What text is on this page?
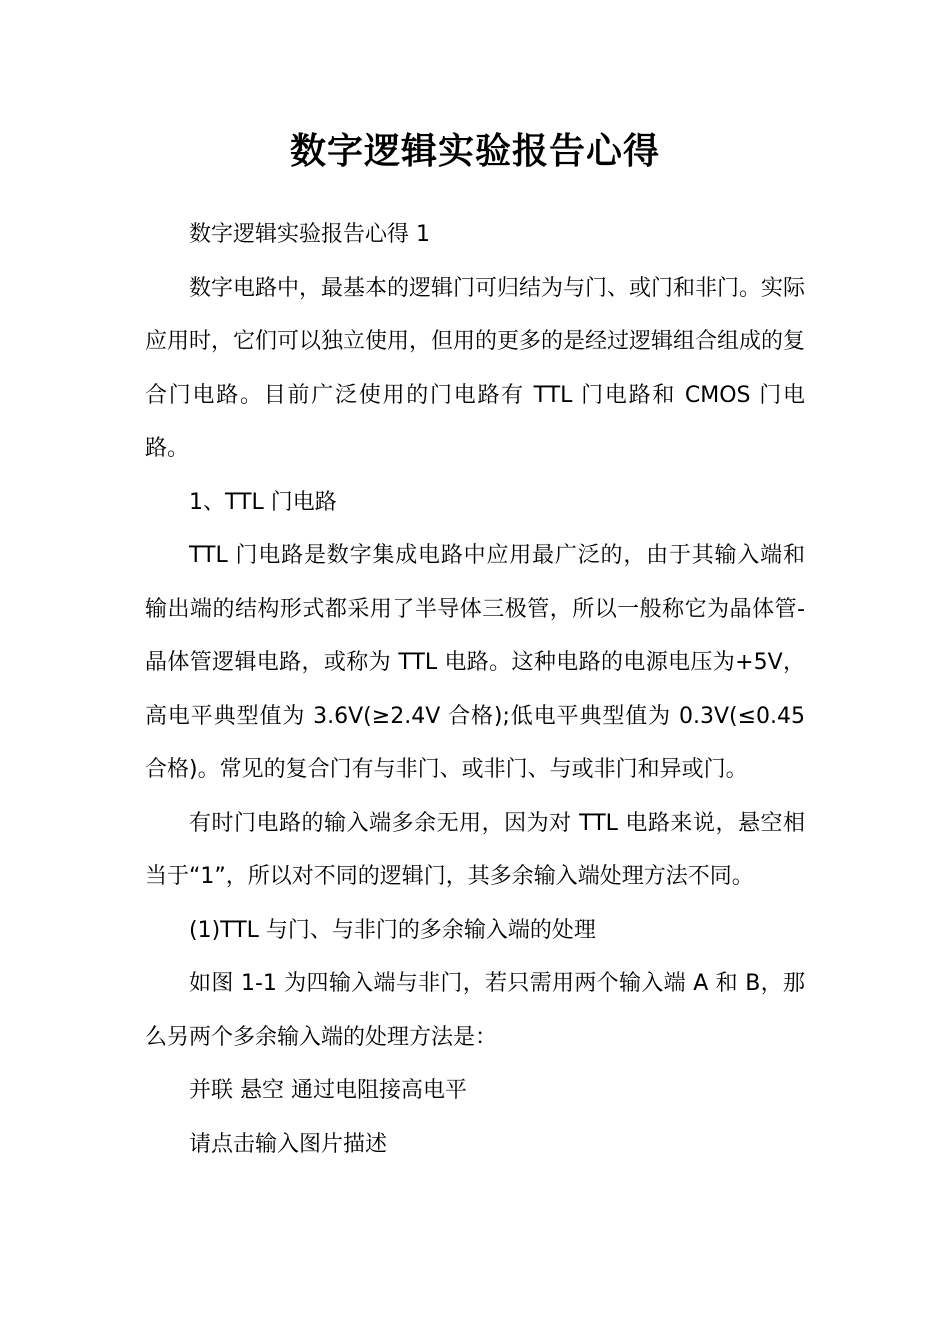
数字逻辑实验报告心得

数字逻辑实验报告心得 1

数字电路中，最基本的逻辑门可归结为与门、或门和非门。实际应用时，它们可以独立使用，但用的更多的是经过逻辑组合组成的复合门电路。目前广泛使用的门电路有 TTL 门电路和 CMOS 门电路。

1、TTL 门电路

TTL 门电路是数字集成电路中应用最广泛的，由于其输入端和输出端的结构形式都采用了半导体三极管，所以一般称它为晶体管-晶体管逻辑电路，或称为 TTL 电路。这种电路的电源电压为+5V，高电平典型值为 3.6V(≥2.4V 合格);低电平典型值为 0.3V(≤0.45 合格)。常见的复合门有与非门、或非门、与或非门和异或门。

有时门电路的输入端多余无用，因为对 TTL 电路来说，悬空相当于“1”，所以对不同的逻辑门，其多余输入端处理方法不同。

(1)TTL 与门、与非门的多余输入端的处理

如图 1-1 为四输入端与非门，若只需用两个输入端 A 和 B，那么另两个多余输入端的处理方法是：

并联 悬空 通过电阻接高电平

请点击输入图片描述
